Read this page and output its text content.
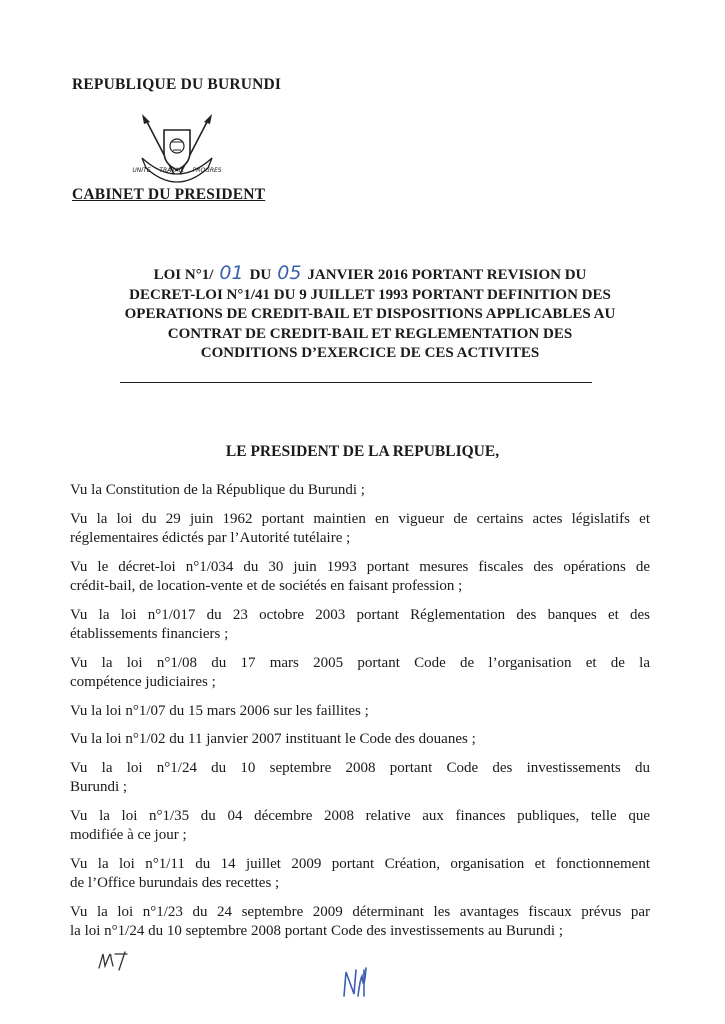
REPUBLIQUE DU BURUNDI
UNITE TRAVAIL PROGRES
CABINET DU PRESIDENT
LOI N°1/ 01 DU 05 JANVIER 2016 PORTANT REVISION DU
DECRET-LOI N°1/41 DU 9 JUILLET 1993 PORTANT DEFINITION DES
OPERATIONS DE CREDIT-BAIL ET DISPOSITIONS APPLICABLES AU
CONTRAT DE CREDIT-BAIL ET REGLEMENTATION DES
CONDITIONS D’EXERCICE DE CES ACTIVITES
LE PRESIDENT DE LA REPUBLIQUE,
Vu la Constitution de la République du Burundi ;
Vu la loi du 29 juin 1962 portant maintien en vigueur de certains actes législatifs et
réglementaires édictés par l’Autorité tutélaire ;
Vu le décret-loi n°1/034 du 30 juin 1993 portant mesures fiscales des opérations de
crédit-bail, de location-vente et de sociétés en faisant profession ;
Vu la loi n°1/017 du 23 octobre 2003 portant Réglementation des banques et des
établissements financiers ;
Vu la loi n°1/08 du 17 mars 2005 portant Code de l’organisation et de la
compétence judiciaires ;
Vu la loi n°1/07 du 15 mars 2006 sur les faillites ;
Vu la loi n°1/02 du 11 janvier 2007 instituant le Code des douanes ;
Vu la loi n°1/24 du 10 septembre 2008 portant Code des investissements du
Burundi ;
Vu la loi n°1/35 du 04 décembre 2008 relative aux finances publiques, telle que
modifiée à ce jour ;
Vu la loi n°1/11 du 14 juillet 2009 portant Création, organisation et fonctionnement
de l’Office burundais des recettes ;
Vu la loi n°1/23 du 24 septembre 2009 déterminant les avantages fiscaux prévus par
la loi n°1/24 du 10 septembre 2008 portant Code des investissements au Burundi ;
